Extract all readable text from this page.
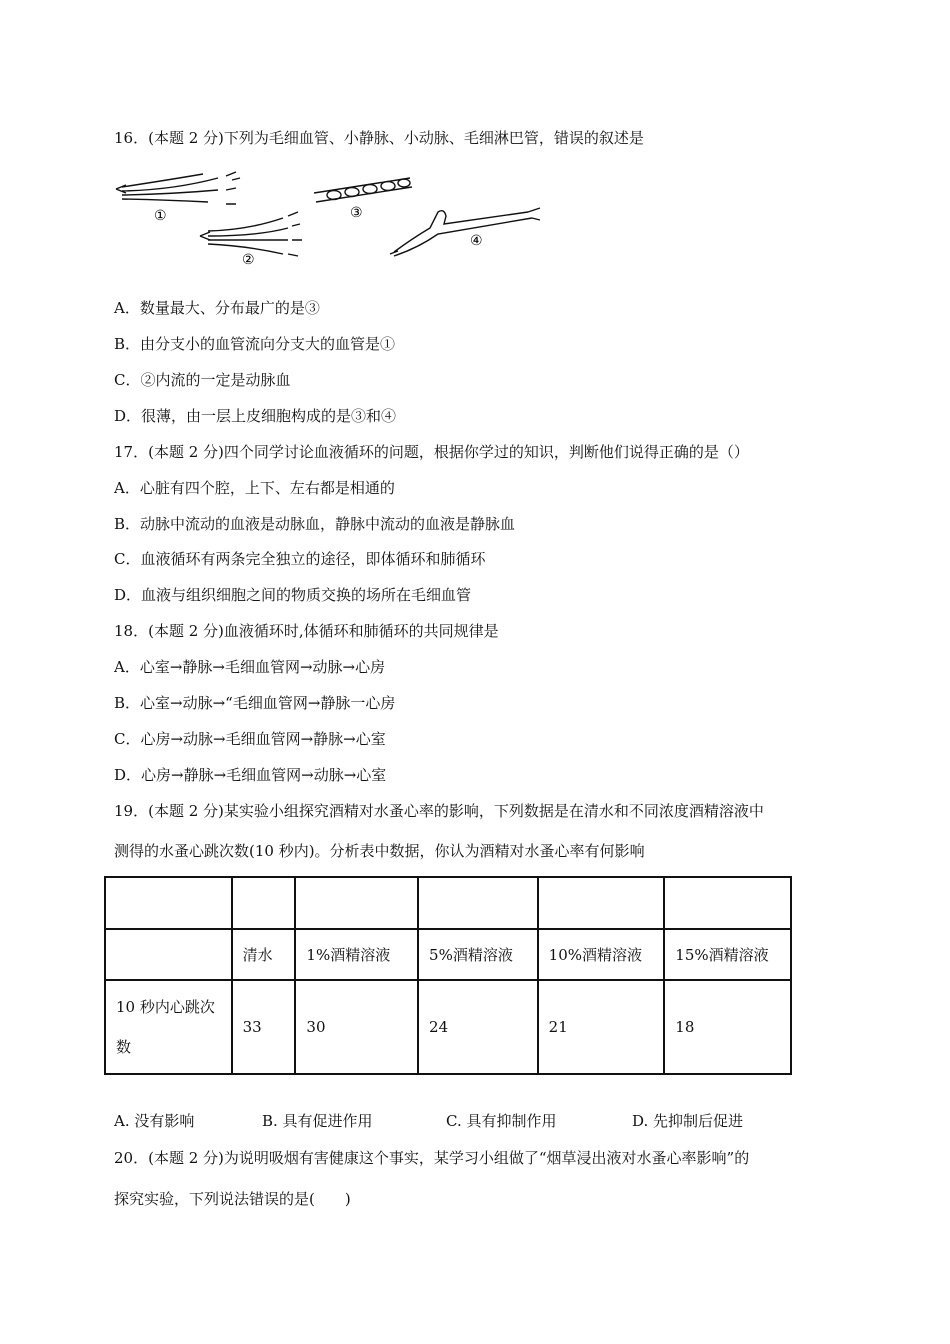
16．(本题 2 分)下列为毛细血管、小静脉、小动脉、毛细淋巴管，错误的叙述是
①
②
③
④
A．数量最大、分布最广的是③
B．由分支小的血管流向分支大的血管是①
C．②内流的一定是动脉血
D．很薄，由一层上皮细胞构成的是③和④
17．(本题 2 分)四个同学讨论血液循环的问题，根据你学过的知识，判断他们说得正确的是（）
A．心脏有四个腔，上下、左右都是相通的
B．动脉中流动的血液是动脉血，静脉中流动的血液是静脉血
C．血液循环有两条完全独立的途径，即体循环和肺循环
D．血液与组织细胞之间的物质交换的场所在毛细血管
18．(本题 2 分)血液循环时,体循环和肺循环的共同规律是
A．心室→静脉→毛细血管网→动脉→心房
B．心室→动脉→“毛细血管网→静脉一心房
C．心房→动脉→毛细血管网→静脉→心室
D．心房→静脉→毛细血管网→动脉→心室
19．(本题 2 分)某实验小组探究酒精对水蚤心率的影响，下列数据是在清水和不同浓度酒精溶液中
测得的水蚤心跳次数(10 秒内)。分析表中数据，你认为酒精对水蚤心率有何影响

	清水	1%酒精溶液	5%酒精溶液	10%酒精溶液	15%酒精溶液

10 秒内心跳次
数	33	30	24	21	18
A. 没有影响	B. 具有促进作用	C. 具有抑制作用	D. 先抑制后促进
20．(本题 2 分)为说明吸烟有害健康这个事实，某学习小组做了“烟草浸出液对水蚤心率影响”的
探究实验，下列说法错误的是(　　)
